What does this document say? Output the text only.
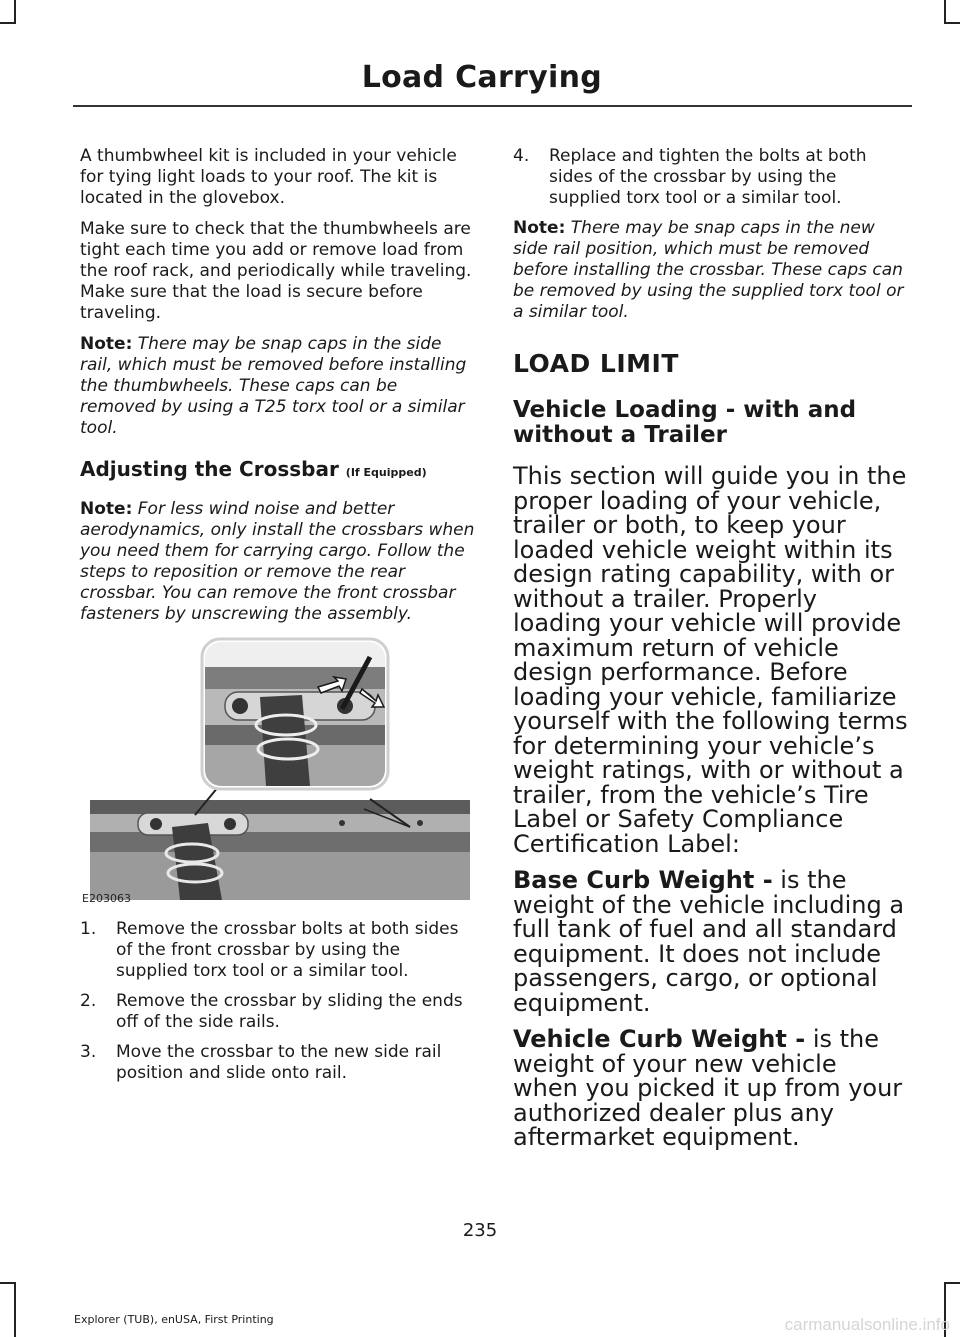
Load Carrying

A thumbwheel kit is included in your vehicle for tying light loads to your roof. The kit is located in the glovebox.

Make sure to check that the thumbwheels are tight each time you add or remove load from the roof rack, and periodically while traveling. Make sure that the load is secure before traveling.

Note: There may be snap caps in the side rail, which must be removed before installing the thumbwheels. These caps can be removed by using a T25 torx tool or a similar tool.

Adjusting the Crossbar (If Equipped)

Note: For less wind noise and better aerodynamics, only install the crossbars when you need them for carrying cargo. Follow the steps to reposition or remove the rear crossbar. You can remove the front crossbar fasteners by unscrewing the assembly.

E203063
1. Remove the crossbar bolts at both sides of the front crossbar by using the supplied torx tool or a similar tool.
2. Remove the crossbar by sliding the ends off of the side rails.
3. Move the crossbar to the new side rail position and slide onto rail.
4. Replace and tighten the bolts at both sides of the crossbar by using the supplied torx tool or a similar tool.

Note: There may be snap caps in the new side rail position, which must be removed before installing the crossbar. These caps can be removed by using the supplied torx tool or a similar tool.

LOAD LIMIT
Vehicle Loading - with and without a Trailer

This section will guide you in the proper loading of your vehicle, trailer or both, to keep your loaded vehicle weight within its design rating capability, with or without a trailer. Properly loading your vehicle will provide maximum return of vehicle design performance. Before loading your vehicle, familiarize yourself with the following terms for determining your vehicle’s weight ratings, with or without a trailer, from the vehicle’s Tire Label or Safety Compliance Certification Label:

Base Curb Weight - is the weight of the vehicle including a full tank of fuel and all standard equipment. It does not include passengers, cargo, or optional equipment.

Vehicle Curb Weight - is the weight of your new vehicle when you picked it up from your authorized dealer plus any aftermarket equipment.

235
Explorer (TUB), enUSA, First Printing	carmanualsonline.info
